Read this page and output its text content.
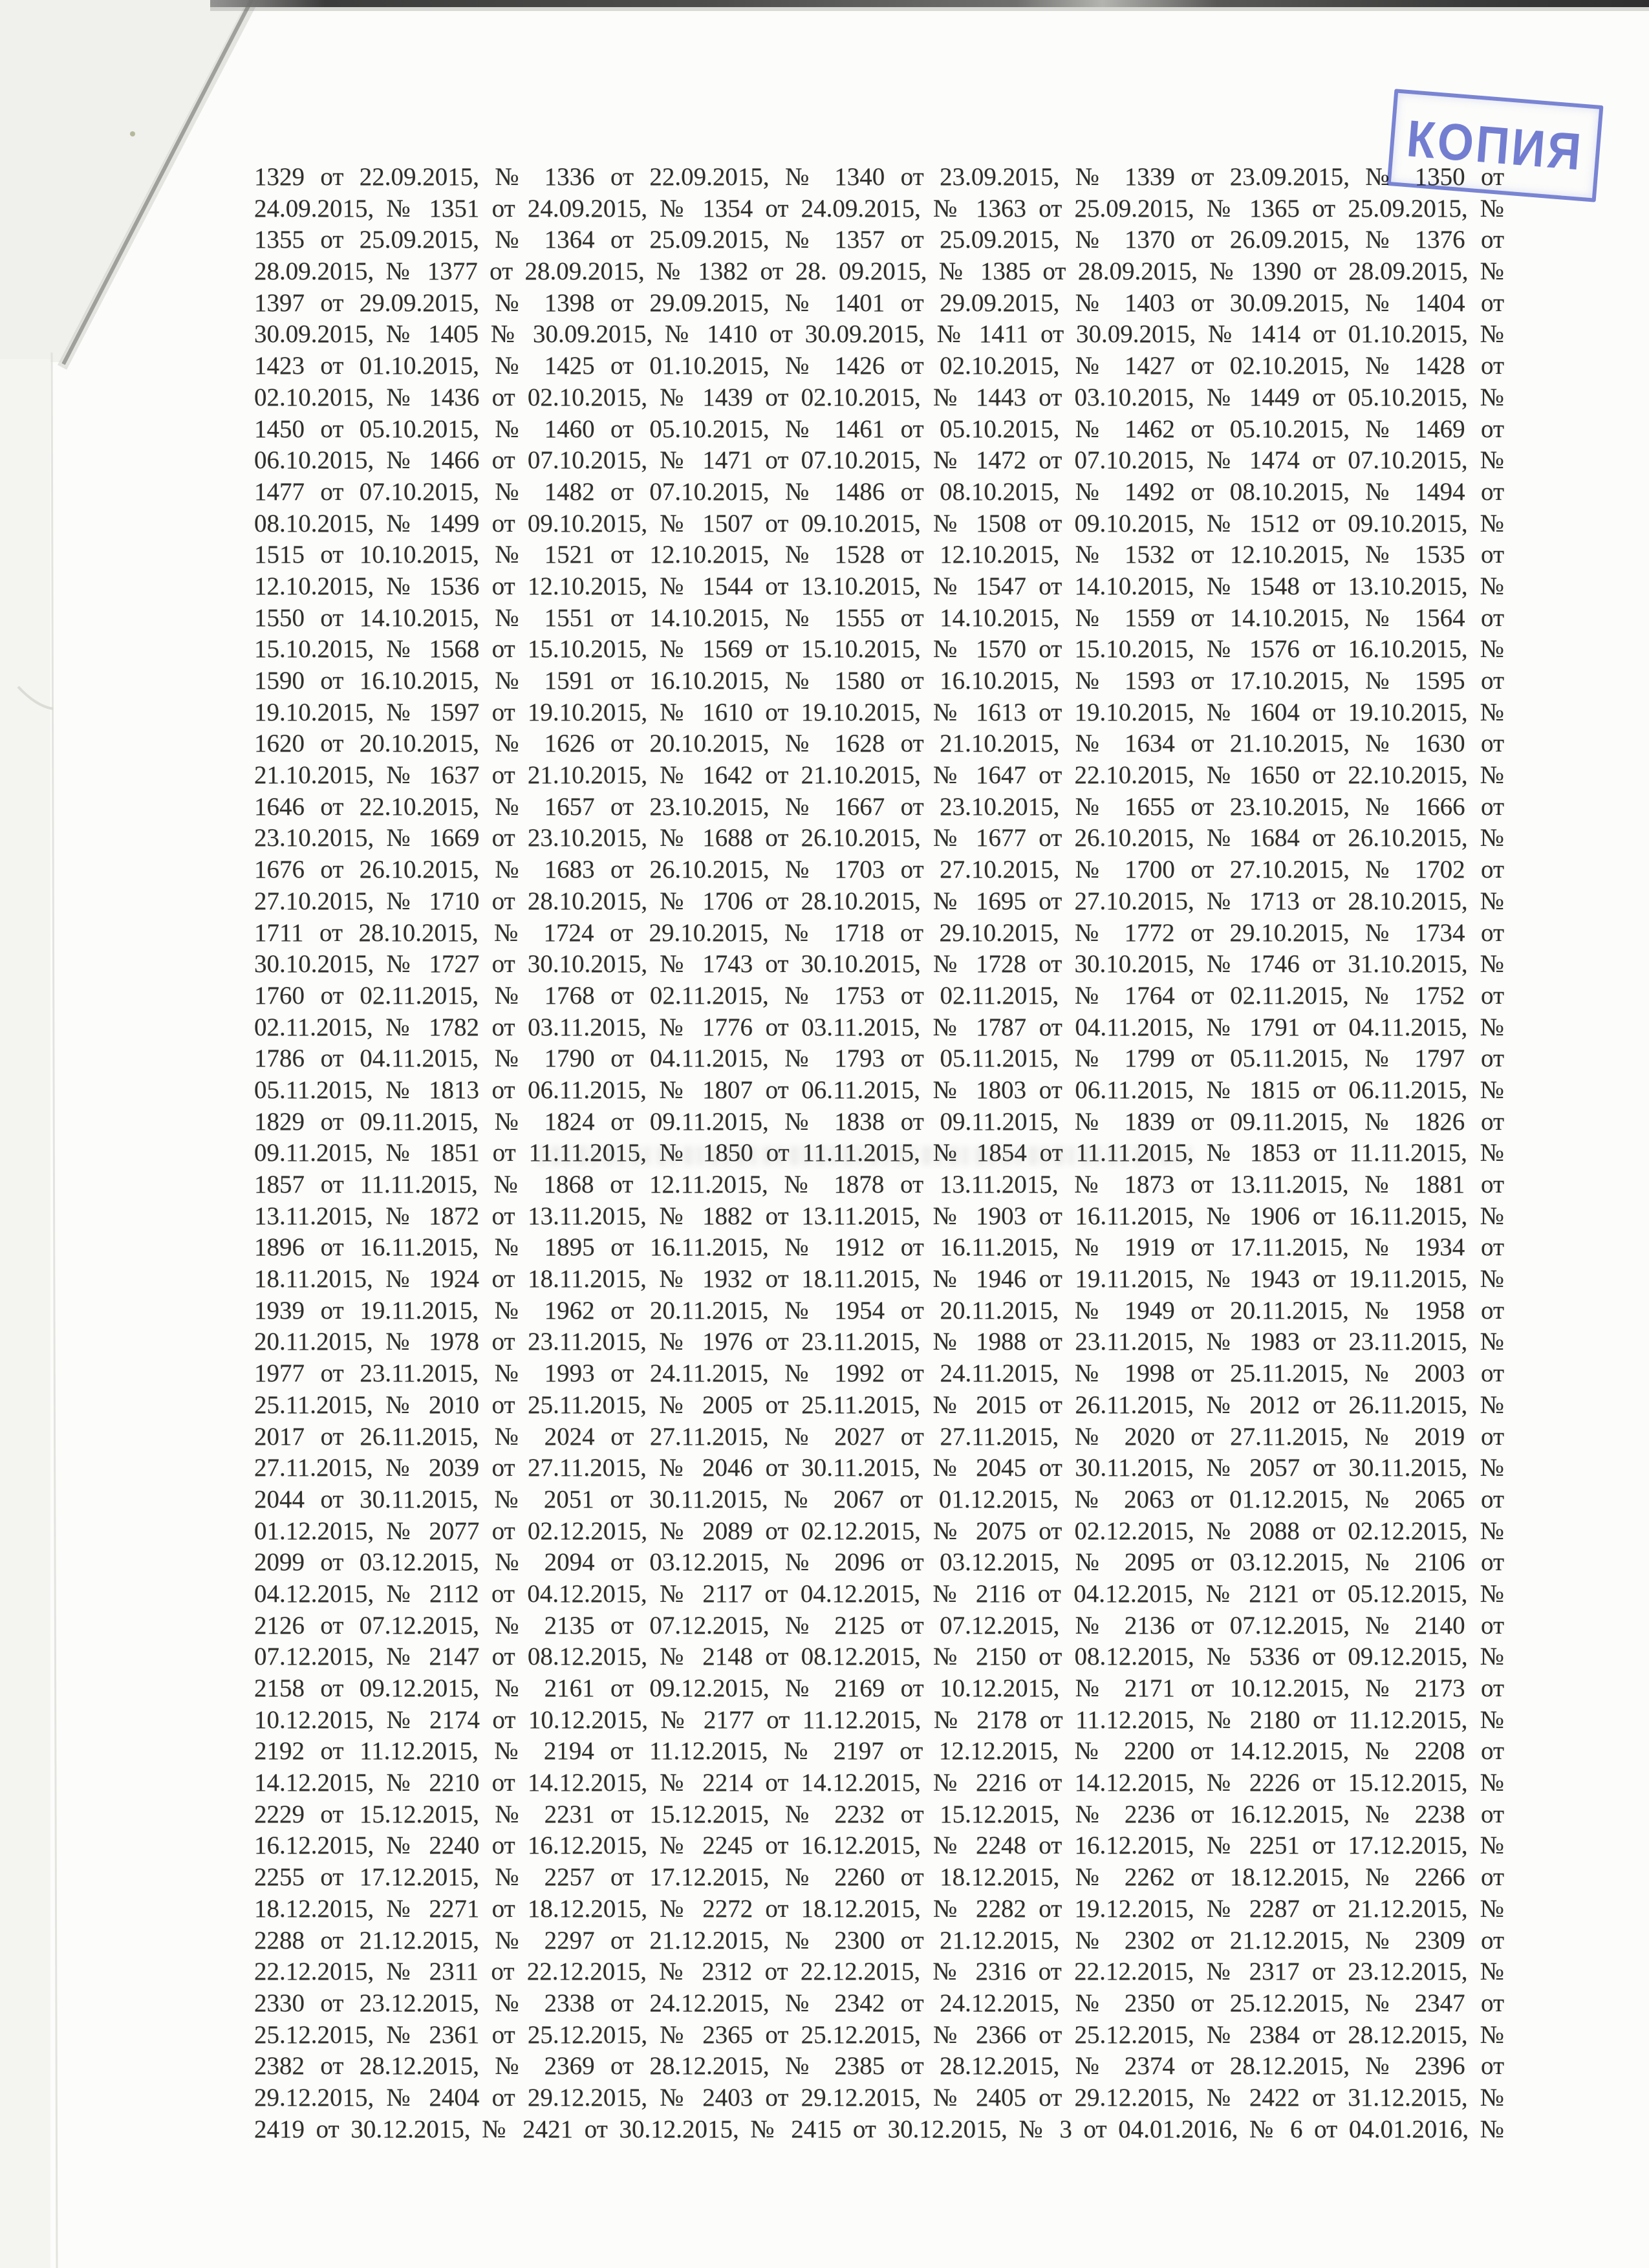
1329 от 22.09.2015, № 1336 от 22.09.2015, № 1340 от 23.09.2015, № 1339 от 23.09.2015, № 1350 от
24.09.2015, № 1351 от 24.09.2015, № 1354 от 24.09.2015, № 1363 от 25.09.2015, № 1365 от 25.09.2015, №
1355 от 25.09.2015, № 1364 от 25.09.2015, № 1357 от 25.09.2015, № 1370 от 26.09.2015, № 1376 от
28.09.2015, № 1377 от 28.09.2015, № 1382 от 28. 09.2015, № 1385 от 28.09.2015, № 1390 от 28.09.2015, №
1397 от 29.09.2015, № 1398 от 29.09.2015, № 1401 от 29.09.2015, № 1403 от 30.09.2015, № 1404 от
30.09.2015, № 1405 № 30.09.2015, № 1410 от 30.09.2015, № 1411 от 30.09.2015, № 1414 от 01.10.2015, №
1423 от 01.10.2015, № 1425 от 01.10.2015, № 1426 от 02.10.2015, № 1427 от 02.10.2015, № 1428 от
02.10.2015, № 1436 от 02.10.2015, № 1439 от 02.10.2015, № 1443 от 03.10.2015, № 1449 от 05.10.2015, №
1450 от 05.10.2015, № 1460 от 05.10.2015, № 1461 от 05.10.2015, № 1462 от 05.10.2015, № 1469 от
06.10.2015, № 1466 от 07.10.2015, № 1471 от 07.10.2015, № 1472 от 07.10.2015, № 1474 от 07.10.2015, №
1477 от 07.10.2015, № 1482 от 07.10.2015, № 1486 от 08.10.2015, № 1492 от 08.10.2015, № 1494 от
08.10.2015, № 1499 от 09.10.2015, № 1507 от 09.10.2015, № 1508 от 09.10.2015, № 1512 от 09.10.2015, №
1515 от 10.10.2015, № 1521 от 12.10.2015, № 1528 от 12.10.2015, № 1532 от 12.10.2015, № 1535 от
12.10.2015, № 1536 от 12.10.2015, № 1544 от 13.10.2015, № 1547 от 14.10.2015, № 1548 от 13.10.2015, №
1550 от 14.10.2015, № 1551 от 14.10.2015, № 1555 от 14.10.2015, № 1559 от 14.10.2015, № 1564 от
15.10.2015, № 1568 от 15.10.2015, № 1569 от 15.10.2015, № 1570 от 15.10.2015, № 1576 от 16.10.2015, №
1590 от 16.10.2015, № 1591 от 16.10.2015, № 1580 от 16.10.2015, № 1593 от 17.10.2015, № 1595 от
19.10.2015, № 1597 от 19.10.2015, № 1610 от 19.10.2015, № 1613 от 19.10.2015, № 1604 от 19.10.2015, №
1620 от 20.10.2015, № 1626 от 20.10.2015, № 1628 от 21.10.2015, № 1634 от 21.10.2015, № 1630 от
21.10.2015, № 1637 от 21.10.2015, № 1642 от 21.10.2015, № 1647 от 22.10.2015, № 1650 от 22.10.2015, №
1646 от 22.10.2015, № 1657 от 23.10.2015, № 1667 от 23.10.2015, № 1655 от 23.10.2015, № 1666 от
23.10.2015, № 1669 от 23.10.2015, № 1688 от 26.10.2015, № 1677 от 26.10.2015, № 1684 от 26.10.2015, №
1676 от 26.10.2015, № 1683 от 26.10.2015, № 1703 от 27.10.2015, № 1700 от 27.10.2015, № 1702 от
27.10.2015, № 1710 от 28.10.2015, № 1706 от 28.10.2015, № 1695 от 27.10.2015, № 1713 от 28.10.2015, №
1711 от 28.10.2015, № 1724 от 29.10.2015, № 1718 от 29.10.2015, № 1772 от 29.10.2015, № 1734 от
30.10.2015, № 1727 от 30.10.2015, № 1743 от 30.10.2015, № 1728 от 30.10.2015, № 1746 от 31.10.2015, №
1760 от 02.11.2015, № 1768 от 02.11.2015, № 1753 от 02.11.2015, № 1764 от 02.11.2015, № 1752 от
02.11.2015, № 1782 от 03.11.2015, № 1776 от 03.11.2015, № 1787 от 04.11.2015, № 1791 от 04.11.2015, №
1786 от 04.11.2015, № 1790 от 04.11.2015, № 1793 от 05.11.2015, № 1799 от 05.11.2015, № 1797 от
05.11.2015, № 1813 от 06.11.2015, № 1807 от 06.11.2015, № 1803 от 06.11.2015, № 1815 от 06.11.2015, №
1829 от 09.11.2015, № 1824 от 09.11.2015, № 1838 от 09.11.2015, № 1839 от 09.11.2015, № 1826 от
09.11.2015, № 1851 от 11.11.2015, № 1850 от 11.11.2015, № 1854 от 11.11.2015, № 1853 от 11.11.2015, №
1857 от 11.11.2015, № 1868 от 12.11.2015, № 1878 от 13.11.2015, № 1873 от 13.11.2015, № 1881 от
13.11.2015, № 1872 от 13.11.2015, № 1882 от 13.11.2015, № 1903 от 16.11.2015, № 1906 от 16.11.2015, №
1896 от 16.11.2015, № 1895 от 16.11.2015, № 1912 от 16.11.2015, № 1919 от 17.11.2015, № 1934 от
18.11.2015, № 1924 от 18.11.2015, № 1932 от 18.11.2015, № 1946 от 19.11.2015, № 1943 от 19.11.2015, №
1939 от 19.11.2015, № 1962 от 20.11.2015, № 1954 от 20.11.2015, № 1949 от 20.11.2015, № 1958 от
20.11.2015, № 1978 от 23.11.2015, № 1976 от 23.11.2015, № 1988 от 23.11.2015, № 1983 от 23.11.2015, №
1977 от 23.11.2015, № 1993 от 24.11.2015, № 1992 от 24.11.2015, № 1998 от 25.11.2015, № 2003 от
25.11.2015, № 2010 от 25.11.2015, № 2005 от 25.11.2015, № 2015 от 26.11.2015, № 2012 от 26.11.2015, №
2017 от 26.11.2015, № 2024 от 27.11.2015, № 2027 от 27.11.2015, № 2020 от 27.11.2015, № 2019 от
27.11.2015, № 2039 от 27.11.2015, № 2046 от 30.11.2015, № 2045 от 30.11.2015, № 2057 от 30.11.2015, №
2044 от 30.11.2015, № 2051 от 30.11.2015, № 2067 от 01.12.2015, № 2063 от 01.12.2015, № 2065 от
01.12.2015, № 2077 от 02.12.2015, № 2089 от 02.12.2015, № 2075 от 02.12.2015, № 2088 от 02.12.2015, №
2099 от 03.12.2015, № 2094 от 03.12.2015, № 2096 от 03.12.2015, № 2095 от 03.12.2015, № 2106 от
04.12.2015, № 2112 от 04.12.2015, № 2117 от 04.12.2015, № 2116 от 04.12.2015, № 2121 от 05.12.2015, №
2126 от 07.12.2015, № 2135 от 07.12.2015, № 2125 от 07.12.2015, № 2136 от 07.12.2015, № 2140 от
07.12.2015, № 2147 от 08.12.2015, № 2148 от 08.12.2015, № 2150 от 08.12.2015, № 5336 от 09.12.2015, №
2158 от 09.12.2015, № 2161 от 09.12.2015, № 2169 от 10.12.2015, № 2171 от 10.12.2015, № 2173 от
10.12.2015, № 2174 от 10.12.2015, № 2177 от 11.12.2015, № 2178 от 11.12.2015, № 2180 от 11.12.2015, №
2192 от 11.12.2015, № 2194 от 11.12.2015, № 2197 от 12.12.2015, № 2200 от 14.12.2015, № 2208 от
14.12.2015, № 2210 от 14.12.2015, № 2214 от 14.12.2015, № 2216 от 14.12.2015, № 2226 от 15.12.2015, №
2229 от 15.12.2015, № 2231 от 15.12.2015, № 2232 от 15.12.2015, № 2236 от 16.12.2015, № 2238 от
16.12.2015, № 2240 от 16.12.2015, № 2245 от 16.12.2015, № 2248 от 16.12.2015, № 2251 от 17.12.2015, №
2255 от 17.12.2015, № 2257 от 17.12.2015, № 2260 от 18.12.2015, № 2262 от 18.12.2015, № 2266 от
18.12.2015, № 2271 от 18.12.2015, № 2272 от 18.12.2015, № 2282 от 19.12.2015, № 2287 от 21.12.2015, №
2288 от 21.12.2015, № 2297 от 21.12.2015, № 2300 от 21.12.2015, № 2302 от 21.12.2015, № 2309 от
22.12.2015, № 2311 от 22.12.2015, № 2312 от 22.12.2015, № 2316 от 22.12.2015, № 2317 от 23.12.2015, №
2330 от 23.12.2015, № 2338 от 24.12.2015, № 2342 от 24.12.2015, № 2350 от 25.12.2015, № 2347 от
25.12.2015, № 2361 от 25.12.2015, № 2365 от 25.12.2015, № 2366 от 25.12.2015, № 2384 от 28.12.2015, №
2382 от 28.12.2015, № 2369 от 28.12.2015, № 2385 от 28.12.2015, № 2374 от 28.12.2015, № 2396 от
29.12.2015, № 2404 от 29.12.2015, № 2403 от 29.12.2015, № 2405 от 29.12.2015, № 2422 от 31.12.2015, №
2419 от 30.12.2015, № 2421 от 30.12.2015, № 2415 от 30.12.2015, № 3 от 04.01.2016, № 6 от 04.01.2016, №
КОПИЯ
